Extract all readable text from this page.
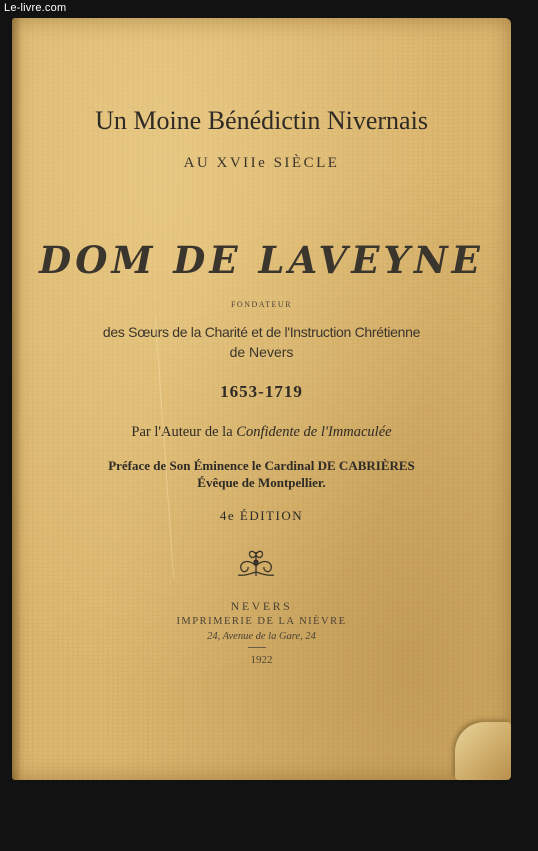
Le-livre.com
Un Moine Bénédictin Nivernais
AU XVIIe SIÈCLE
DOM DE LAVEYNE
FONDATEUR
des Sœurs de la Charité et de l'Instruction Chrétienne
de Nevers
1653-1719
Par l'Auteur de la Confidente de l'Immaculée
Préface de Son Éminence le Cardinal DE CABRIÈRES
Évêque de Montpellier.
4e ÉDITION
NEVERS
IMPRIMERIE DE LA NIÈVRE
24, Avenue de la Gare, 24
1922
